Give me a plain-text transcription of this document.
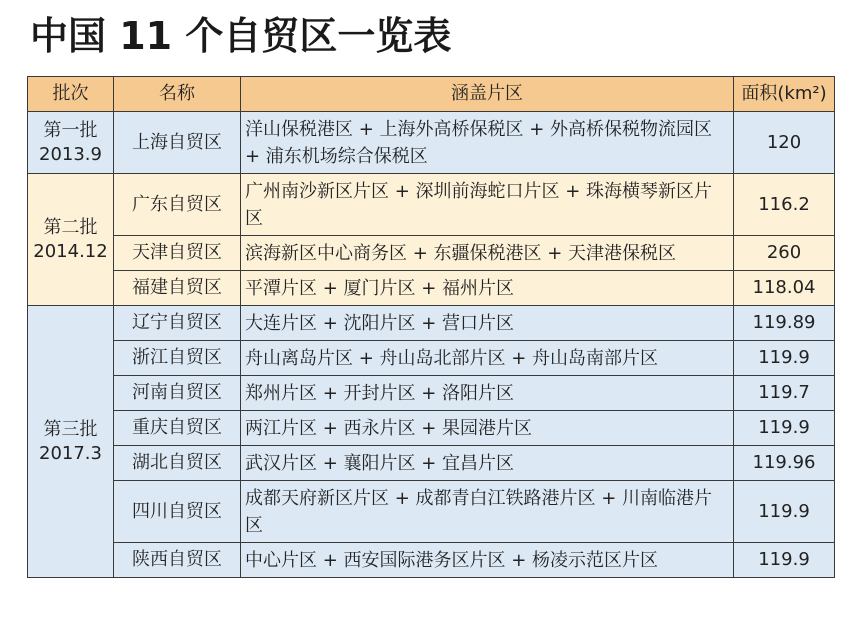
中国 11 个自贸区一览表
批次	名称	涵盖片区	面积(km²)

第一批
2013.9	上海自贸区	洋山保税港区 + 上海外高桥保税区 + 外高桥保税物流园区 + 浦东机场综合保税区	120

第二批
2014.12	广东自贸区	广州南沙新区片区 + 深圳前海蛇口片区 + 珠海横琴新区片区	116.2
	天津自贸区	滨海新区中心商务区 + 东疆保税港区 + 天津港保税区	260
	福建自贸区	平潭片区 + 厦门片区 + 福州片区	118.04

第三批
2017.3	辽宁自贸区	大连片区 + 沈阳片区 + 营口片区	119.89
	浙江自贸区	舟山离岛片区 + 舟山岛北部片区 + 舟山岛南部片区	119.9
	河南自贸区	郑州片区 + 开封片区 + 洛阳片区	119.7
	重庆自贸区	两江片区 + 西永片区 + 果园港片区	119.9
	湖北自贸区	武汉片区 + 襄阳片区 + 宜昌片区	119.96
	四川自贸区	成都天府新区片区 + 成都青白江铁路港片区 + 川南临港片区	119.9
	陕西自贸区	中心片区 + 西安国际港务区片区 + 杨凌示范区片区	119.9
